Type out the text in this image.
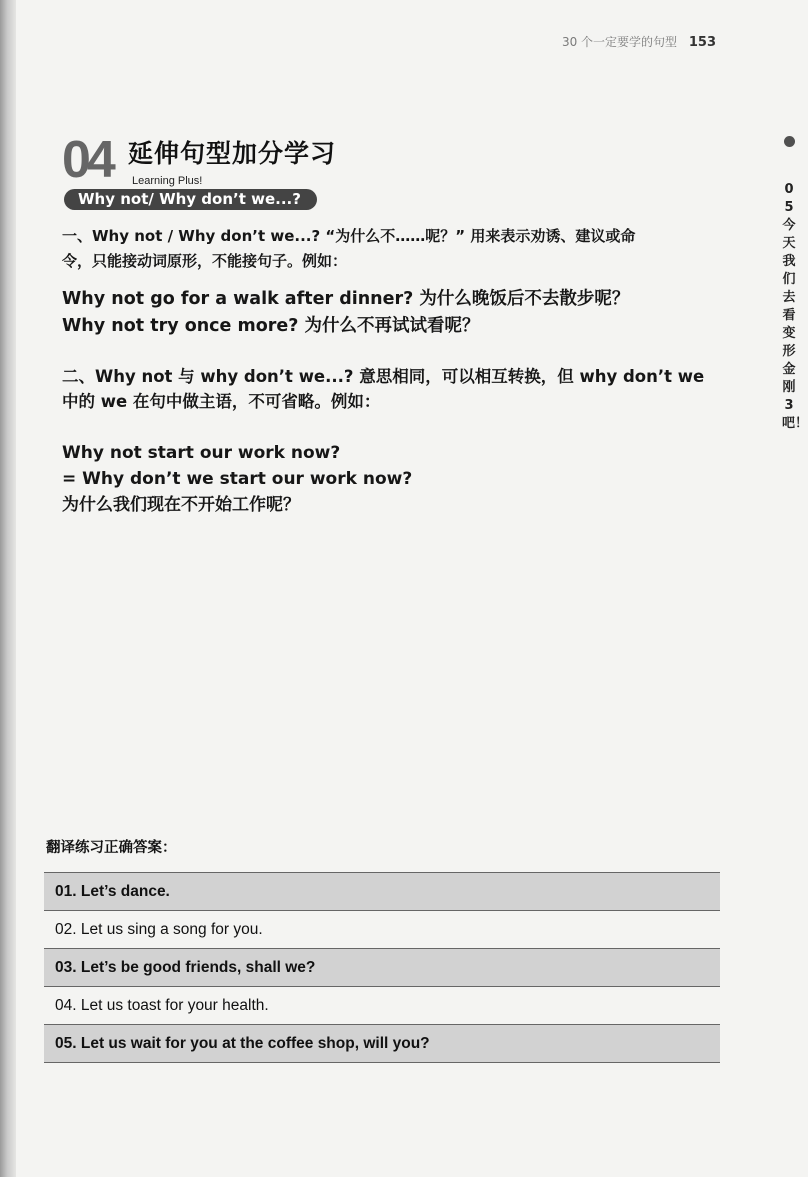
30 个一定要学的句型 153
05今天我们去看变形金刚3吧！
04 延伸句型加分学习
Learning Plus!
Why not/ Why don’t we...?
一、Why not / Why don’t we...? “为什么不……呢？” 用来表示劝诱、建议或命
令，只能接动词原形，不能接句子。例如：
Why not go for a walk after dinner? 为什么晚饭后不去散步呢？
Why not try once more? 为什么不再试试看呢？
二、Why not 与 why don’t we...? 意思相同，可以相互转换，但 why don’t we
中的 we 在句中做主语，不可省略。例如：
Why not start our work now?
= Why don’t we start our work now?
为什么我们现在不开始工作呢？
翻译练习正确答案：
01. Let’s dance.
02. Let us sing a song for you.
03. Let’s be good friends, shall we?
04. Let us toast for your health.
05. Let us wait for you at the coffee shop, will you?
